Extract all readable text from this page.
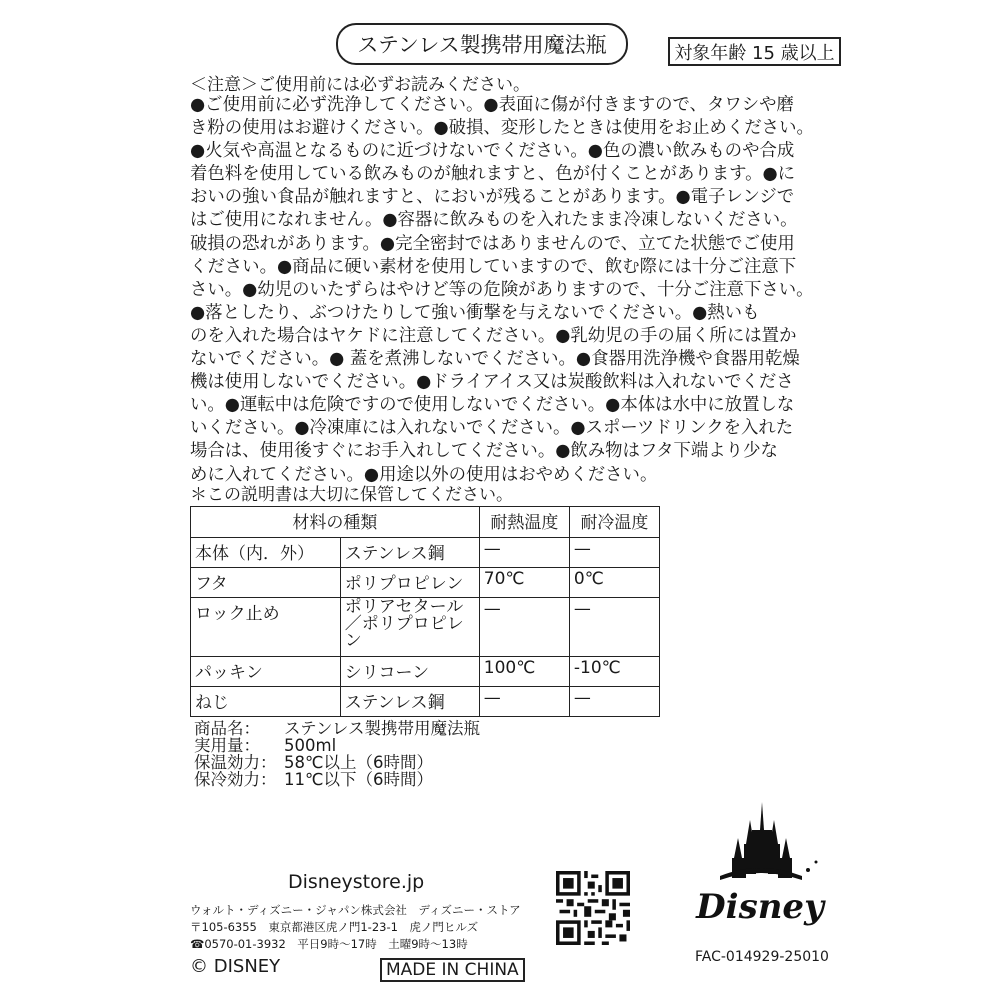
ステンレス製携帯用魔法瓶	対象年齢 15 歳以上
＜注意＞ご使用前には必ずお読みください。
●ご使用前に必ず洗浄してください。●表面に傷が付きますので、タワシや磨
き粉の使用はお避けください。●破損、変形したときは使用をお止めください。
●火気や高温となるものに近づけないでください。●色の濃い飲みものや合成
着色料を使用している飲みものが触れますと、色が付くことがあります。●に
おいの強い食品が触れますと、においが残ることがあります。●電子レンジで
はご使用になれません。●容器に飲みものを入れたまま冷凍しないください。
破損の恐れがあります。●完全密封ではありませんので、立てた状態でご使用
ください。●商品に硬い素材を使用していますので、飲む際には十分ご注意下
さい。●幼児のいたずらはやけど等の危険がありますので、十分ご注意下さい。
●落としたり、ぶつけたりして強い衝撃を与えないでください。●熱いも
のを入れた場合はヤケドに注意してください。●乳幼児の手の届く所には置か
ないでください。● 蓋を煮沸しないでください。●食器用洗浄機や食器用乾燥
機は使用しないでください。●ドライアイス又は炭酸飲料は入れないでくださ
い。●運転中は危険ですので使用しないでください。●本体は水中に放置しな
いください。●冷凍庫には入れないでください。●スポーツドリンクを入れた
場合は、使用後すぐにお手入れしてください。●飲み物はフタ下端より少な
めに入れてください。●用途以外の使用はおやめください。
＊この説明書は大切に保管してください。
材料の種類		耐熱温度	耐冷温度
本体（内．外）	ステンレス鋼	—	—
フタ	ポリプロピレン	70℃	0℃
ロック止め	ポリアセタール／ポリプロピレン	—	—
パッキン	シリコーン	100℃	-10℃
ねじ	ステンレス鋼	—	—
商品名：	ステンレス製携帯用魔法瓶
実用量：	500ml
保温効力： 58℃以上（6時間）
保冷効力： 11℃以下（6時間）
Disneystore.jp
ウォルト・ディズニー・ジャパン株式会社　ディズニー・ストア
〒105-6355　東京都港区虎ノ門1-23-1　虎ノ門ヒルズ
☎0570-01-3932　平日9時〜17時　土曜9時〜13時
© DISNEY	MADE IN CHINA
Disney
FAC-014929-25010
